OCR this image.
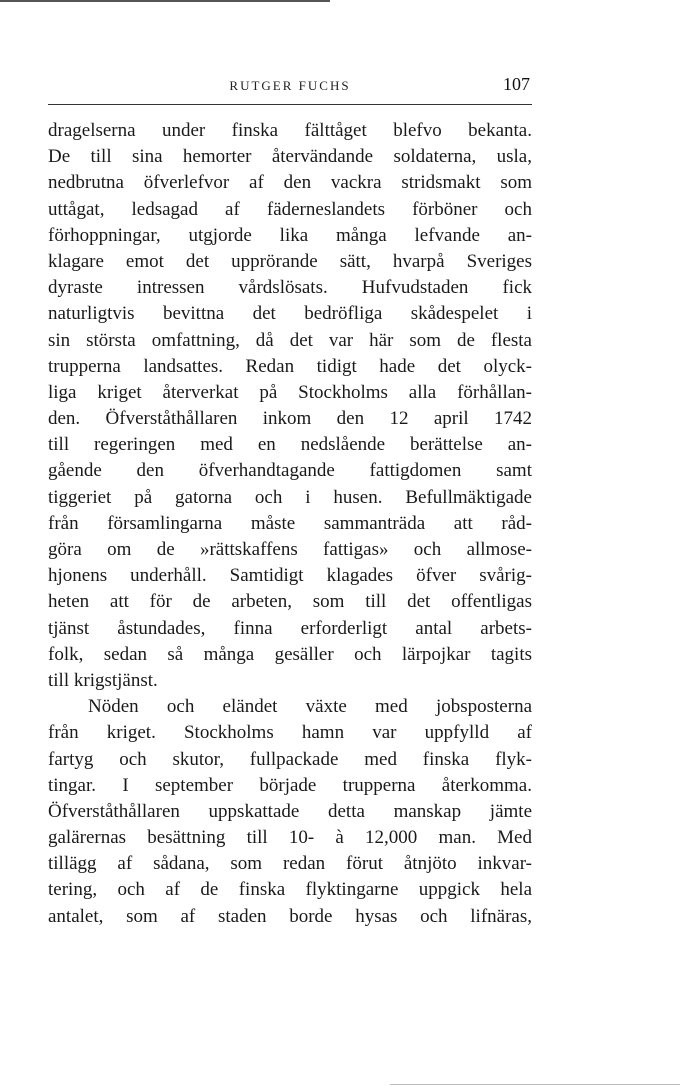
RUTGER FUCHS	107
dragelserna under finska fälttåget blefvo bekanta.
De till sina hemorter återvändande soldaterna, usla,
nedbrutna öfverlefvor af den vackra stridsmakt som
uttågat, ledsagad af fäderneslandets förböner och
förhoppningar, utgjorde lika många lefvande an-
klagare emot det upprörande sätt, hvarpå Sveriges
dyraste intressen vårdslösats. Hufvudstaden fick
naturligtvis bevittna det bedröfliga skådespelet i
sin största omfattning, då det var här som de flesta
trupperna landsattes. Redan tidigt hade det olyck-
liga kriget återverkat på Stockholms alla förhållan-
den. Öfverståthållaren inkom den 12 april 1742
till regeringen med en nedslående berättelse an-
gående den öfverhandtagande fattigdomen samt
tiggeriet på gatorna och i husen. Befullmäktigade
från församlingarna måste sammanträda att råd-
göra om de »rättskaffens fattigas» och allmose-
hjonens underhåll. Samtidigt klagades öfver svårig-
heten att för de arbeten, som till det offentligas
tjänst åstundades, finna erforderligt antal arbets-
folk, sedan så många gesäller och lärpojkar tagits
till krigstjänst.
Nöden och eländet växte med jobsposterna
från kriget. Stockholms hamn var uppfylld af
fartyg och skutor, fullpackade med finska flyk-
tingar. I september började trupperna återkomma.
Öfverståthållaren uppskattade detta manskap jämte
galärernas besättning till 10- à 12,000 man. Med
tillägg af sådana, som redan förut åtnjöto inkvar-
tering, och af de finska flyktingarne uppgick hela
antalet, som af staden borde hysas och lifnäras,
